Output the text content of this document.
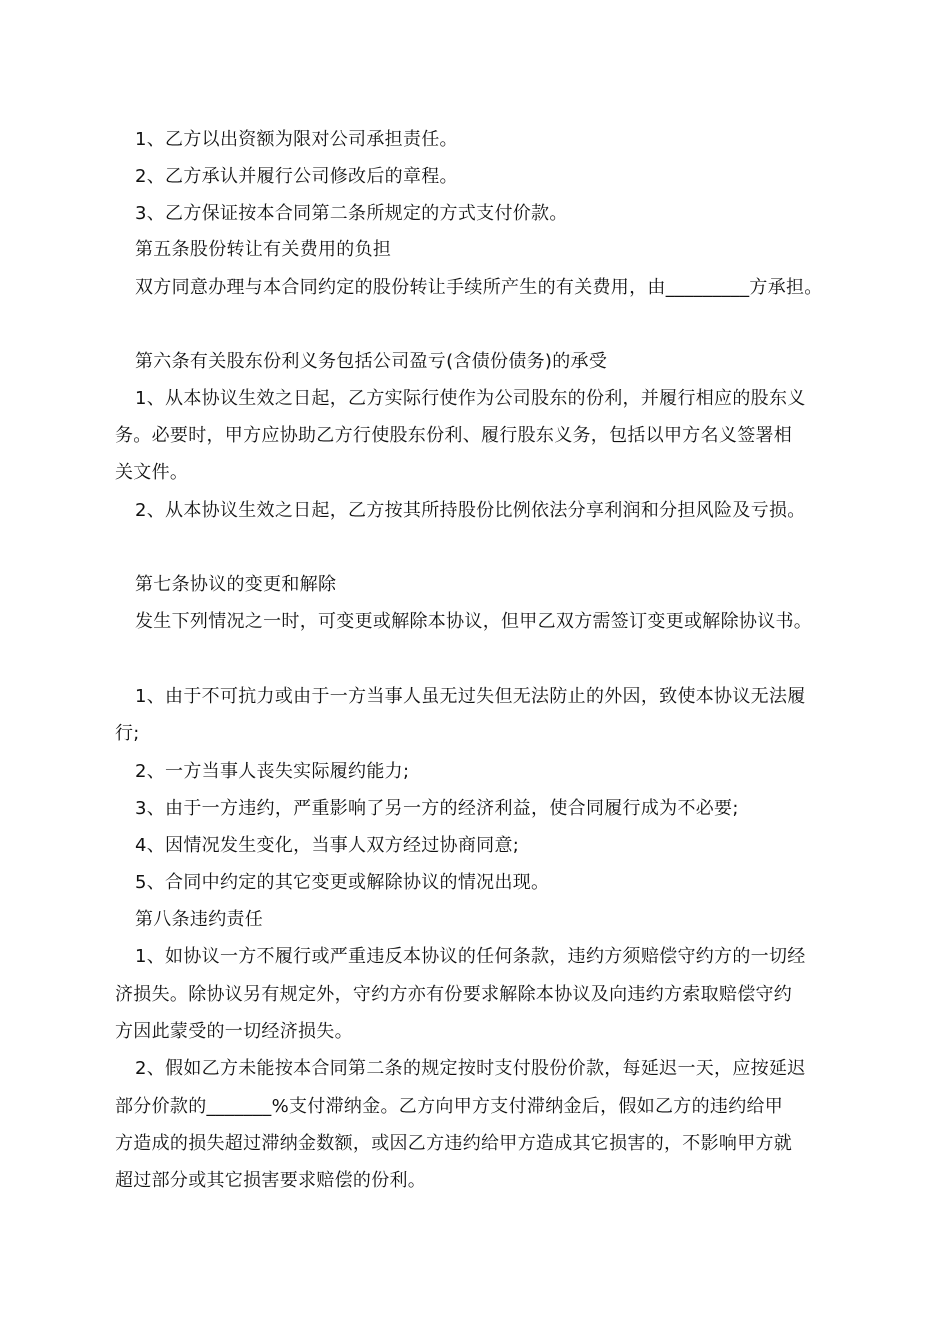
1、乙方以出资额为限对公司承担责任。
2、乙方承认并履行公司修改后的章程。
3、乙方保证按本合同第二条所规定的方式支付价款。
第五条股份转让有关费用的负担
双方同意办理与本合同约定的股份转让手续所产生的有关费用，由_________方承担。
第六条有关股东份利义务包括公司盈亏(含债份债务)的承受
1、从本协议生效之日起，乙方实际行使作为公司股东的份利，并履行相应的股东义
务。必要时，甲方应协助乙方行使股东份利、履行股东义务，包括以甲方名义签署相
关文件。
2、从本协议生效之日起，乙方按其所持股份比例依法分享利润和分担风险及亏损。
第七条协议的变更和解除
发生下列情况之一时，可变更或解除本协议，但甲乙双方需签订变更或解除协议书。
1、由于不可抗力或由于一方当事人虽无过失但无法防止的外因，致使本协议无法履
行;
2、一方当事人丧失实际履约能力;
3、由于一方违约，严重影响了另一方的经济利益，使合同履行成为不必要;
4、因情况发生变化，当事人双方经过协商同意;
5、合同中约定的其它变更或解除协议的情况出现。
第八条违约责任
1、如协议一方不履行或严重违反本协议的任何条款，违约方须赔偿守约方的一切经
济损失。除协议另有规定外，守约方亦有份要求解除本协议及向违约方索取赔偿守约
方因此蒙受的一切经济损失。
2、假如乙方未能按本合同第二条的规定按时支付股份价款，每延迟一天，应按延迟
部分价款的_______%支付滞纳金。乙方向甲方支付滞纳金后，假如乙方的违约给甲
方造成的损失超过滞纳金数额，或因乙方违约给甲方造成其它损害的，不影响甲方就
超过部分或其它损害要求赔偿的份利。
